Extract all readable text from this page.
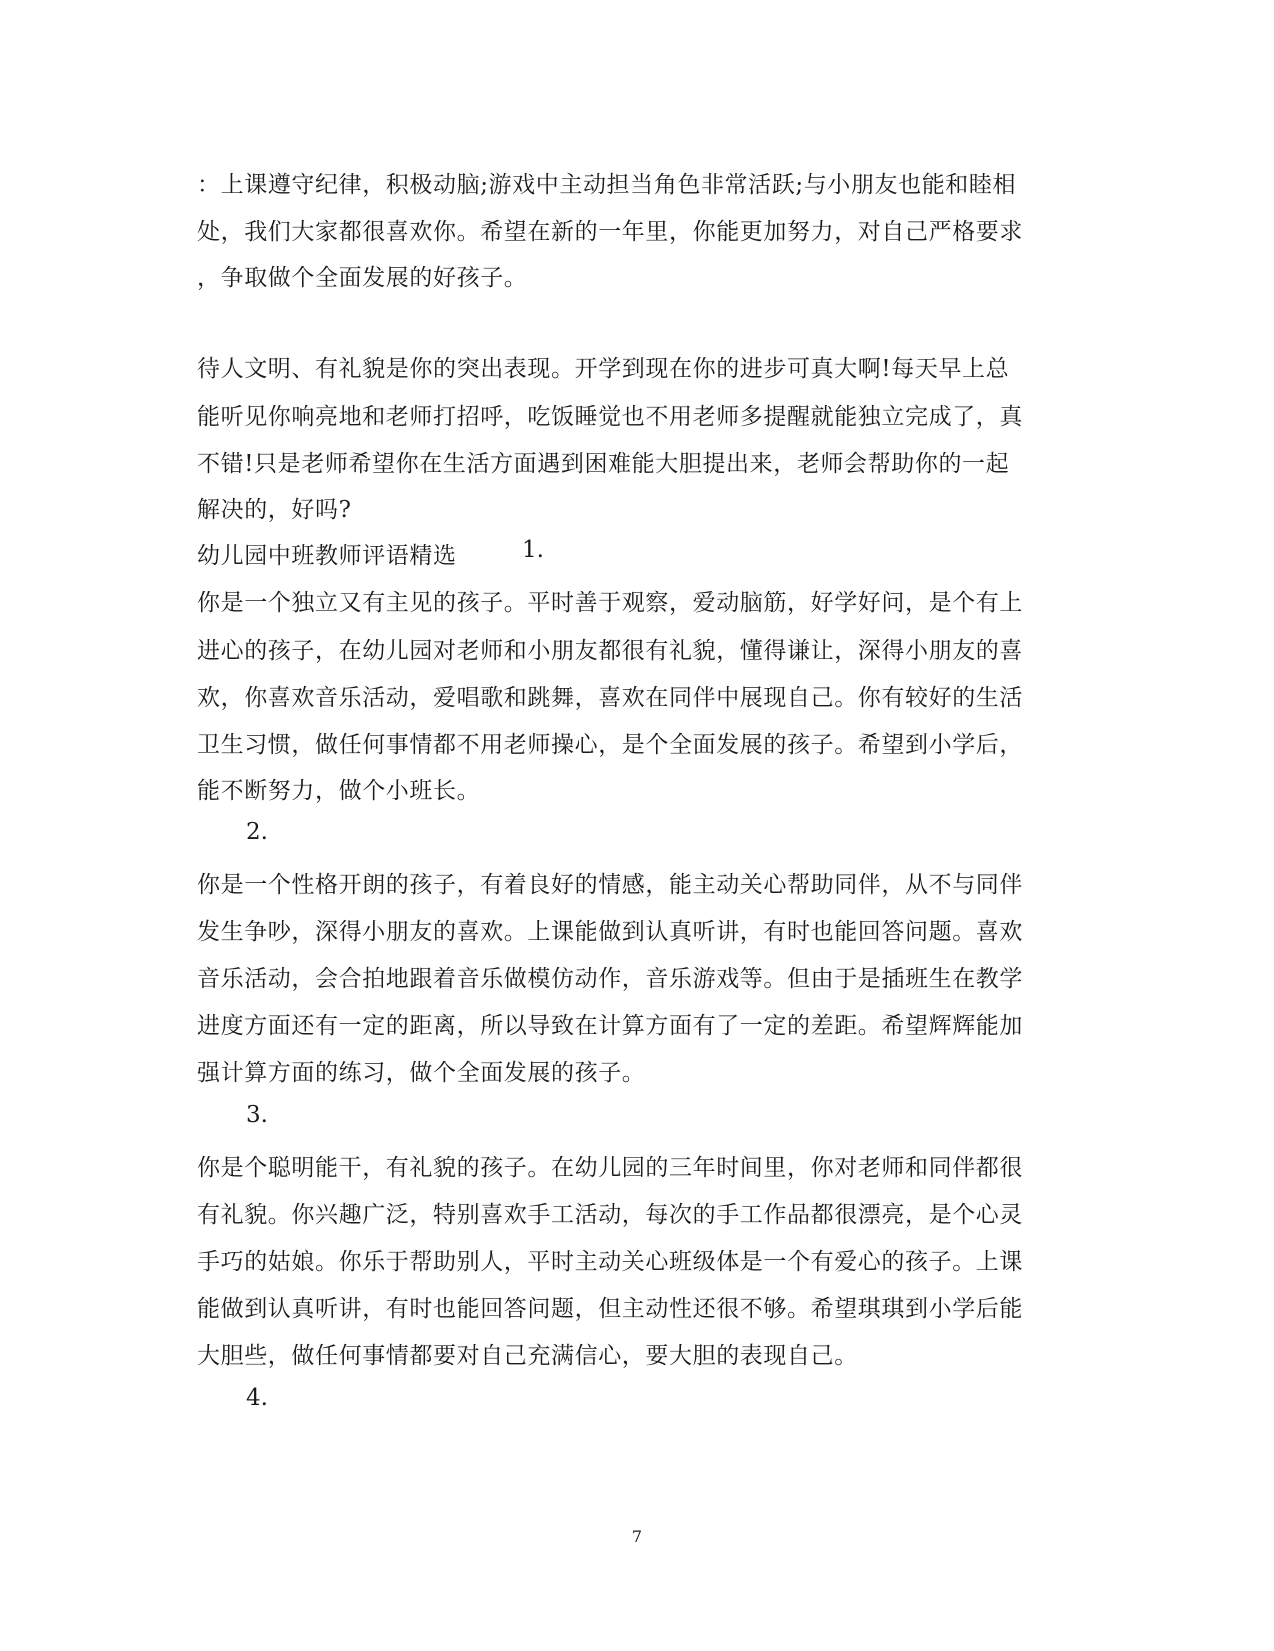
：上课遵守纪律，积极动脑;游戏中主动担当角色非常活跃;与小朋友也能和睦相
处，我们大家都很喜欢你。希望在新的一年里，你能更加努力，对自己严格要求
，争取做个全面发展的好孩子。
待人文明、有礼貌是你的突出表现。开学到现在你的进步可真大啊!每天早上总
能听见你响亮地和老师打招呼，吃饭睡觉也不用老师多提醒就能独立完成了，真
不错!只是老师希望你在生活方面遇到困难能大胆提出来，老师会帮助你的一起
解决的，好吗?
幼儿园中班教师评语精选	1.
你是一个独立又有主见的孩子。平时善于观察，爱动脑筋，好学好问，是个有上
进心的孩子，在幼儿园对老师和小朋友都很有礼貌，懂得谦让，深得小朋友的喜
欢，你喜欢音乐活动，爱唱歌和跳舞，喜欢在同伴中展现自己。你有较好的生活
卫生习惯，做任何事情都不用老师操心，是个全面发展的孩子。希望到小学后，
能不断努力，做个小班长。
2.
你是一个性格开朗的孩子，有着良好的情感，能主动关心帮助同伴，从不与同伴
发生争吵，深得小朋友的喜欢。上课能做到认真听讲，有时也能回答问题。喜欢
音乐活动，会合拍地跟着音乐做模仿动作，音乐游戏等。但由于是插班生在教学
进度方面还有一定的距离，所以导致在计算方面有了一定的差距。希望辉辉能加
强计算方面的练习，做个全面发展的孩子。
3.
你是个聪明能干，有礼貌的孩子。在幼儿园的三年时间里，你对老师和同伴都很
有礼貌。你兴趣广泛，特别喜欢手工活动，每次的手工作品都很漂亮，是个心灵
手巧的姑娘。你乐于帮助别人，平时主动关心班级体是一个有爱心的孩子。上课
能做到认真听讲，有时也能回答问题，但主动性还很不够。希望琪琪到小学后能
大胆些，做任何事情都要对自己充满信心，要大胆的表现自己。
4.
7
